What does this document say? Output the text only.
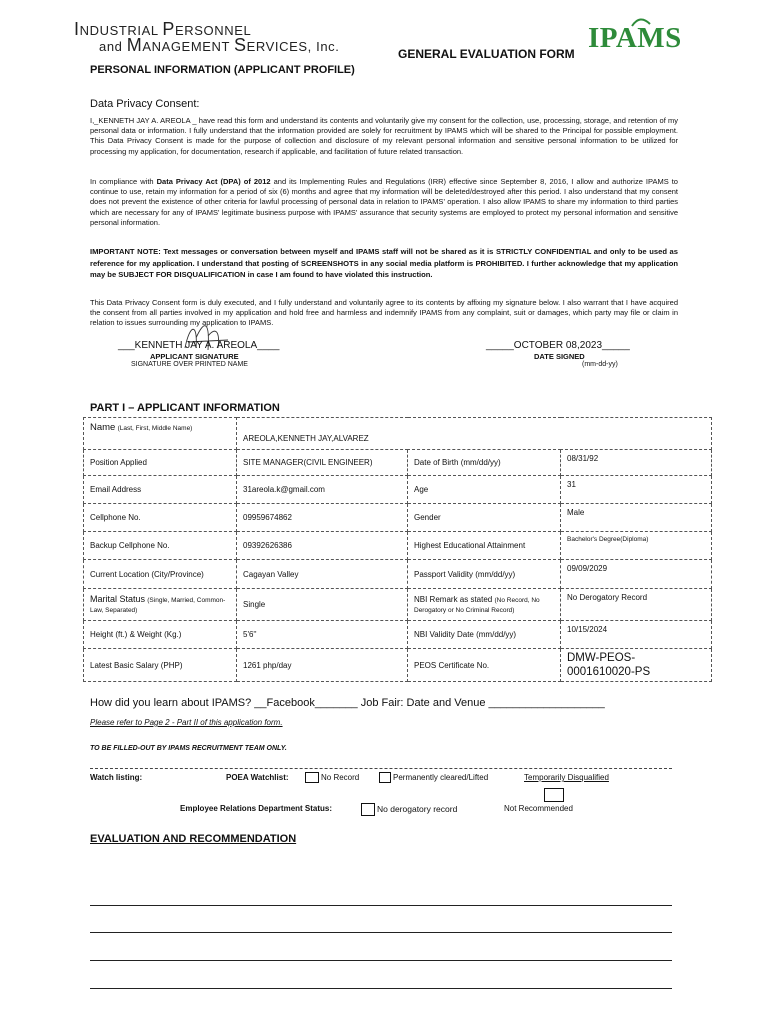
INDUSTRIAL PERSONNEL
and MANAGEMENT SERVICES, Inc.	IPAMS
GENERAL EVALUATION FORM
PERSONAL INFORMATION (APPLICANT PROFILE)
Data Privacy Consent:
I,_KENNETH JAY A. AREOLA _ have read this form and understand its contents and voluntarily give my consent for the collection, use, processing, storage, and retention of my personal data or information. I fully understand that the information provided are solely for recruitment by IPAMS which will be shared to the Principal for possible employment. This Data Privacy Consent is made for the purpose of collection and disclosure of my relevant personal information and sensitive personal information to be utilized for processing my application, for documentation, research if applicable, and facilitation of future related transaction.
In compliance with Data Privacy Act (DPA) of 2012 and its Implementing Rules and Regulations (IRR) effective since September 8, 2016, I allow and authorize IPAMS to continue to use, retain my information for a period of six (6) months and agree that my information will be deleted/destroyed after this period. I also understand that my consent does not prevent the existence of other criteria for lawful processing of personal data in relation to IPAMS' operation. I also allow IPAMS to share my information to third parties which are necessary for any of IPAMS' legitimate business purpose with IPAMS' assurance that security systems are employed to protect my personal information and sensitive personal information.
IMPORTANT NOTE: Text messages or conversation between myself and IPAMS staff will not be shared as it is STRICTLY CONFIDENTIAL and only to be used as reference for my application. I understand that posting of SCREENSHOTS in any social media platform is PROHIBITED. I further acknowledge that my application may be SUBJECT FOR DISQUALIFICATION in case I am found to have violated this instruction.
This Data Privacy Consent form is duly executed, and I fully understand and voluntarily agree to its contents by affixing my signature below. I also warrant that I have acquired the consent from all parties involved in my application and hold free and harmless and indemnify IPAMS from any complaint, suit or damages, which party may file or claim in relation to issues surrounding my application to IPAMS.
___KENNETH JAY A. AREOLA____
APPLICANT SIGNATURE
SIGNATURE OVER PRINTED NAME
_____OCTOBER 08,2023_____
DATE SIGNED
(mm-dd-yy)
PART I – APPLICANT INFORMATION
Name (Last, First, Middle Name)	AREOLA,KENNETH JAY,ALVAREZ		
Position Applied	SITE MANAGER(CIVIL ENGINEER)	Date of Birth (mm/dd/yy)	08/31/92
Email Address	31areola.k@gmail.com	Age	31
Cellphone No.	09959674862	Gender	Male
Backup Cellphone No.	09392626386	Highest Educational Attainment	Bachelor's Degree(Diploma)
Current Location (City/Province)	Cagayan Valley	Passport Validity (mm/dd/yy)	09/09/2029
Marital Status (Single, Married, Common-Law, Separated)	Single	NBI Remark as stated (No Record, No Derogatory or No Criminal Record)	No Derogatory Record
Height (ft.) & Weight (Kg.)	5'6''	NBI Validity Date (mm/dd/yy)	10/15/2024
Latest Basic Salary (PHP)	1261 php/day	PEOS Certificate No.	DMW-PEOS-
0001610020-PS
How did you learn about IPAMS? __Facebook_______ Job Fair: Date and Venue ___________________
Please refer to Page 2 - Part II of this application form.
TO BE FILLED-OUT BY IPAMS RECRUITMENT TEAM ONLY.
Watch listing:	POEA Watchlist:	No Record	Permanently cleared/Lifted	Temporarily Disqualified
Employee Relations Department Status:	No derogatory record	Not Recommended
EVALUATION AND RECOMMENDATION
